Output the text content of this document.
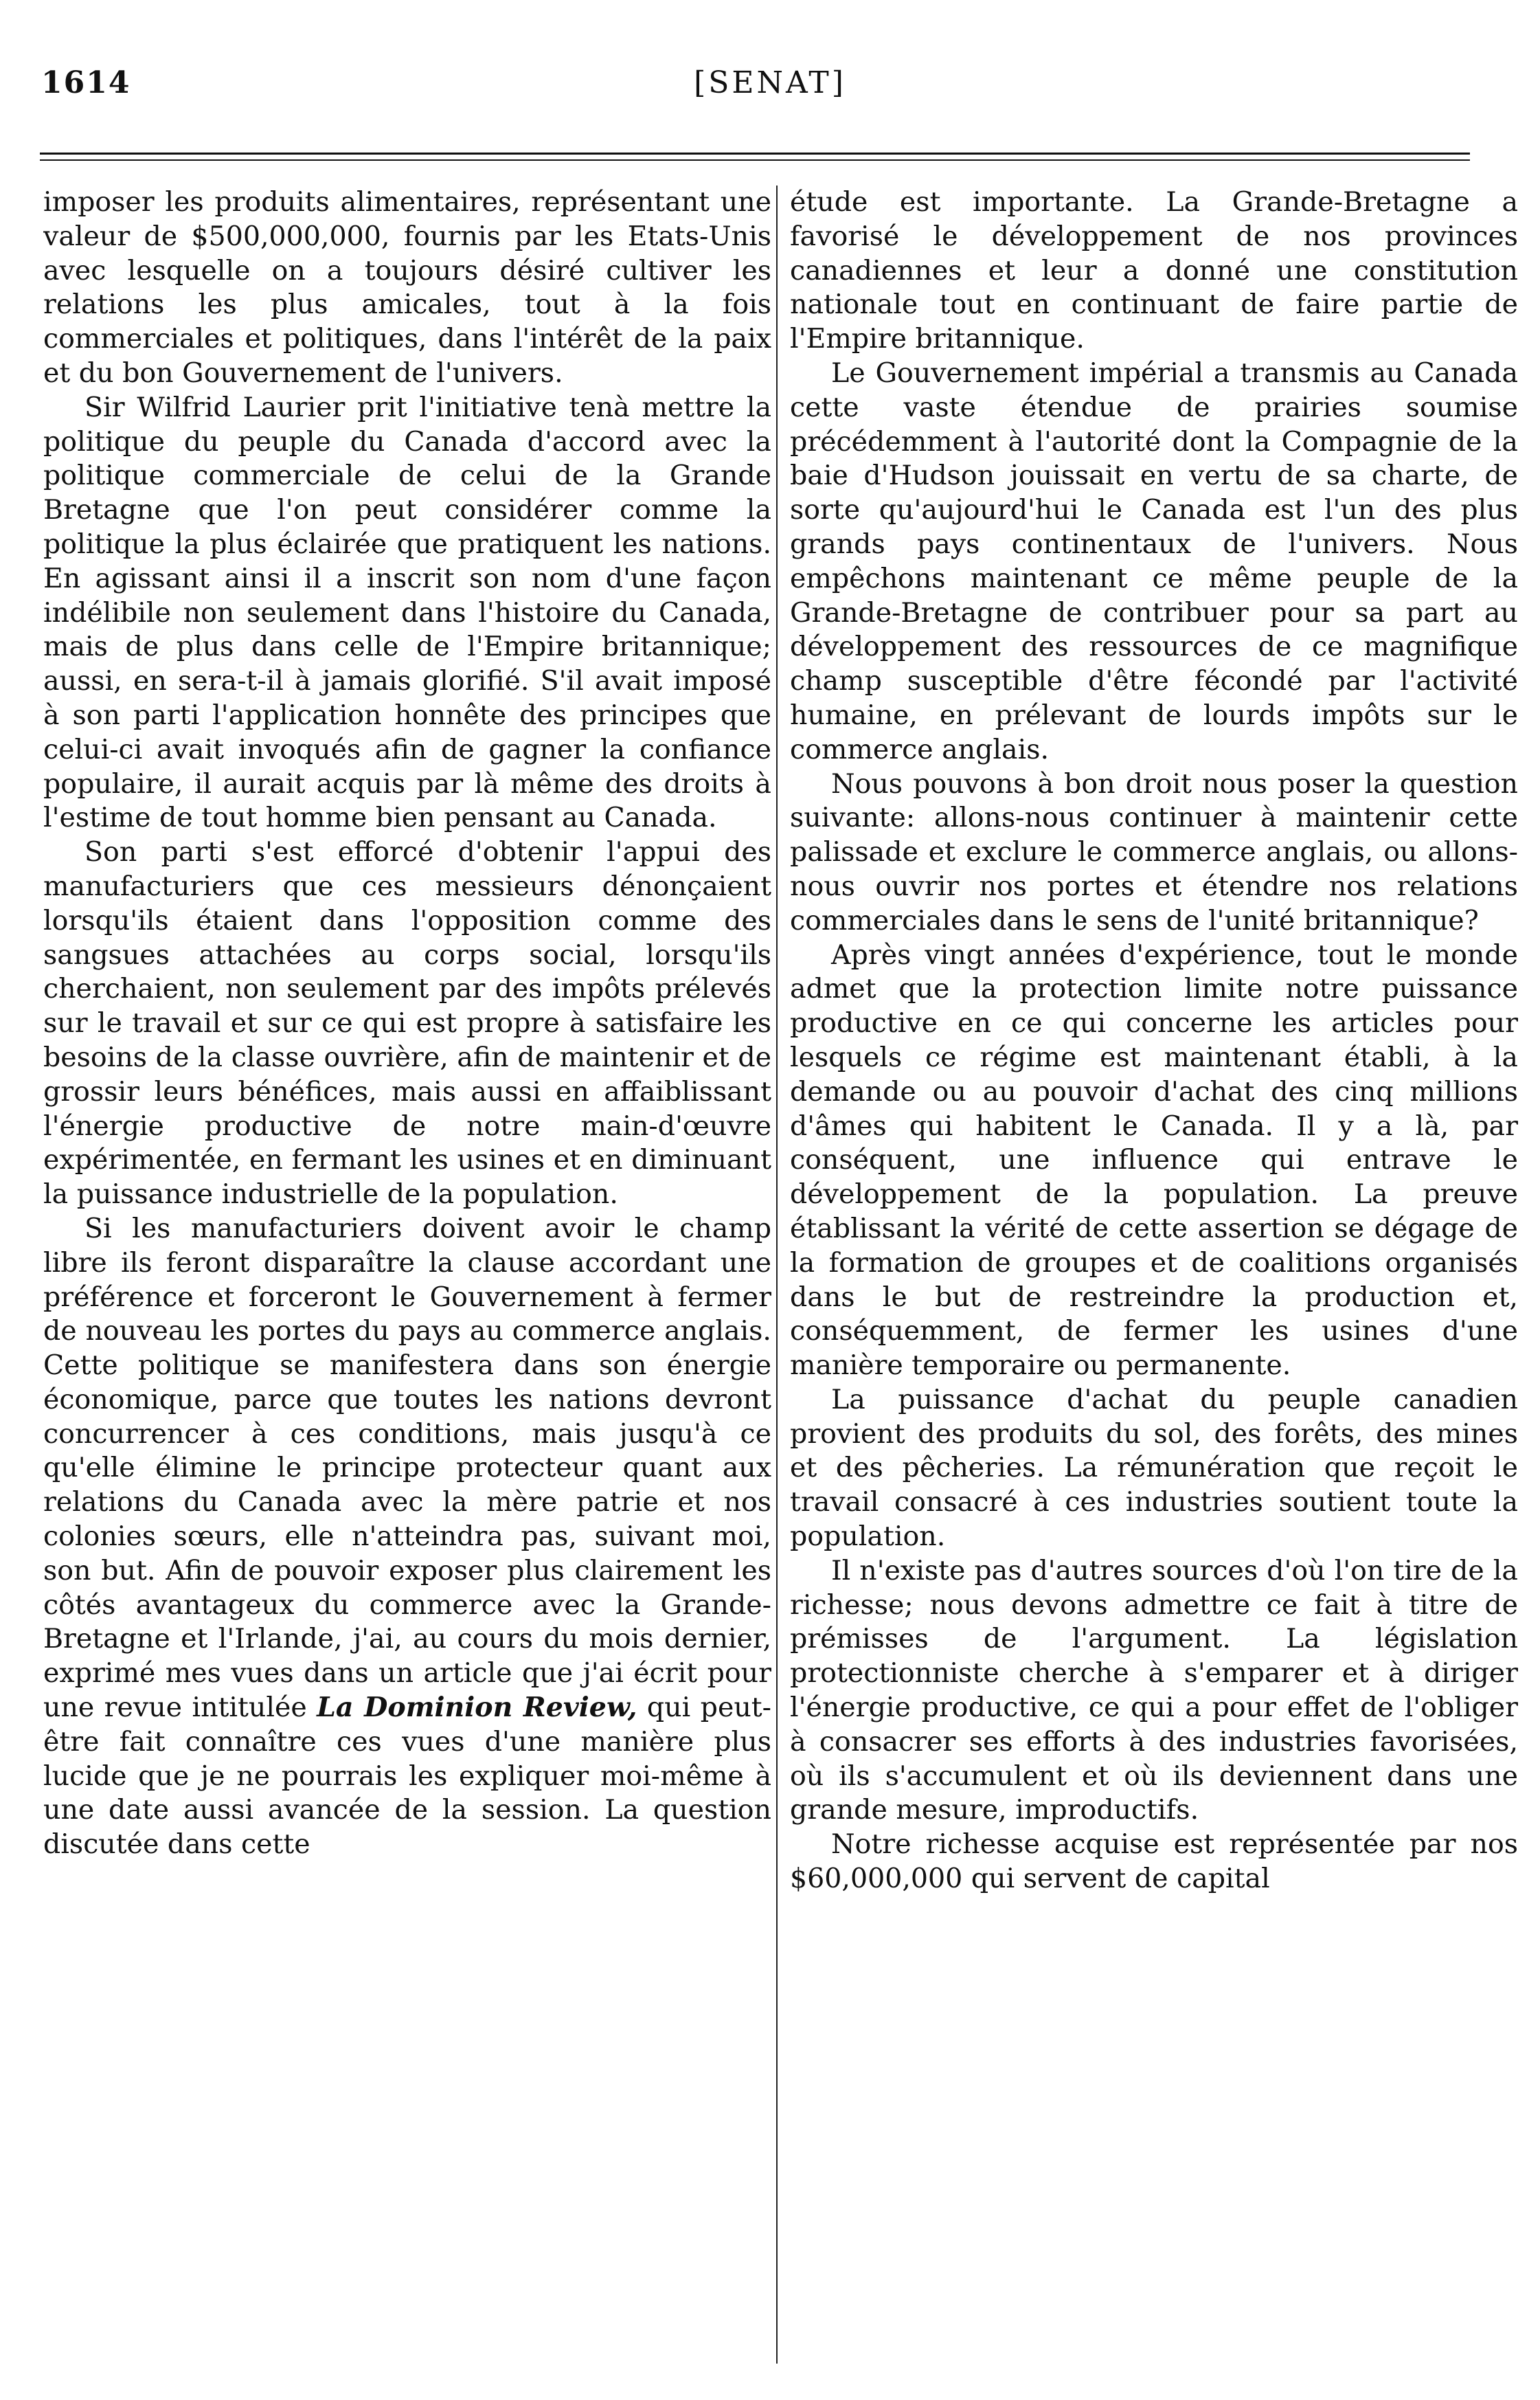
1614	[SENAT]

imposer les produits alimentaires, représentant une valeur de $500,000,000, fournis par les Etats-Unis avec lesquelle on a toujours désiré cultiver les relations les plus amicales, tout à la fois commerciales et politiques, dans l'intérêt de la paix et du bon Gouvernement de l'univers.

Sir Wilfrid Laurier prit l'initiative tenà mettre la politique du peuple du Canada d'accord avec la politique commerciale de celui de la Grande Bretagne que l'on peut considérer comme la politique la plus éclairée que pratiquent les nations. En agissant ainsi il a inscrit son nom d'une façon indélibile non seulement dans l'histoire du Canada, mais de plus dans celle de l'Empire britannique; aussi, en sera-t-il à jamais glorifié. S'il avait imposé à son parti l'application honnête des principes que celui-ci avait invoqués afin de gagner la confiance populaire, il aurait acquis par là même des droits à l'estime de tout homme bien pensant au Canada.

Son parti s'est efforcé d'obtenir l'appui des manufacturiers que ces messieurs dénonçaient lorsqu'ils étaient dans l'opposition comme des sangsues attachées au corps social, lorsqu'ils cherchaient, non seulement par des impôts prélevés sur le travail et sur ce qui est propre à satisfaire les besoins de la classe ouvrière, afin de maintenir et de grossir leurs bénéfices, mais aussi en affaiblissant l'énergie productive de notre main-d'œuvre expérimentée, en fermant les usines et en diminuant la puissance industrielle de la population.

Si les manufacturiers doivent avoir le champ libre ils feront disparaître la clause accordant une préférence et forceront le Gouvernement à fermer de nouveau les portes du pays au commerce anglais. Cette politique se manifestera dans son énergie économique, parce que toutes les nations devront concurrencer à ces conditions, mais jusqu'à ce qu'elle élimine le principe protecteur quant aux relations du Canada avec la mère patrie et nos colonies sœurs, elle n'atteindra pas, suivant moi, son but. Afin de pouvoir exposer plus clairement les côtés avantageux du commerce avec la Grande-Bretagne et l'Irlande, j'ai, au cours du mois dernier, exprimé mes vues dans un article que j'ai écrit pour une revue intitulée La Dominion Review, qui peut-être fait connaître ces vues d'une manière plus lucide que je ne pourrais les expliquer moi-même à une date aussi avancée de la session. La question discutée dans cette

étude est importante. La Grande-Bretagne a favorisé le développement de nos provinces canadiennes et leur a donné une constitution nationale tout en continuant de faire partie de l'Empire britannique.

Le Gouvernement impérial a transmis au Canada cette vaste étendue de prairies soumise précédemment à l'autorité dont la Compagnie de la baie d'Hudson jouissait en vertu de sa charte, de sorte qu'aujourd'hui le Canada est l'un des plus grands pays continentaux de l'univers. Nous empêchons maintenant ce même peuple de la Grande-Bretagne de contribuer pour sa part au développement des ressources de ce magnifique champ susceptible d'être fécondé par l'activité humaine, en prélevant de lourds impôts sur le commerce anglais.

Nous pouvons à bon droit nous poser la question suivante: allons-nous continuer à maintenir cette palissade et exclure le commerce anglais, ou allons-nous ouvrir nos portes et étendre nos relations commerciales dans le sens de l'unité britannique?

Après vingt années d'expérience, tout le monde admet que la protection limite notre puissance productive en ce qui concerne les articles pour lesquels ce régime est maintenant établi, à la demande ou au pouvoir d'achat des cinq millions d'âmes qui habitent le Canada. Il y a là, par conséquent, une influence qui entrave le développement de la population. La preuve établissant la vérité de cette assertion se dégage de la formation de groupes et de coalitions organisés dans le but de restreindre la production et, conséquemment, de fermer les usines d'une manière temporaire ou permanente.

La puissance d'achat du peuple canadien provient des produits du sol, des forêts, des mines et des pêcheries. La rémunération que reçoit le travail consacré à ces industries soutient toute la population.

Il n'existe pas d'autres sources d'où l'on tire de la richesse; nous devons admettre ce fait à titre de prémisses de l'argument. La législation protectionniste cherche à s'emparer et à diriger l'énergie productive, ce qui a pour effet de l'obliger à consacrer ses efforts à des industries favorisées, où ils s'accumulent et où ils deviennent dans une grande mesure, improductifs.

Notre richesse acquise est représentée par nos $60,000,000 qui servent de capital
